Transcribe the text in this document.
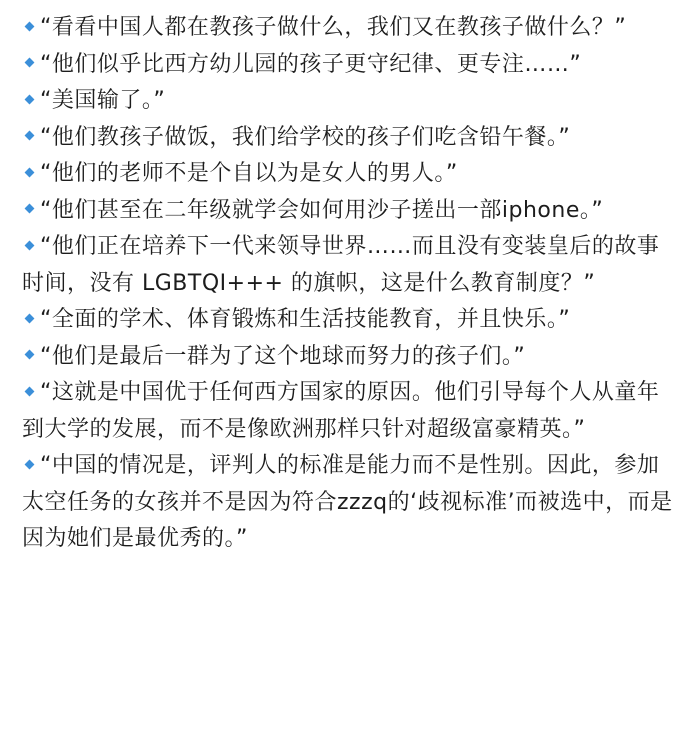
“看看中国人都在教孩子做什么，我们又在教孩子做什么？”
“他们似乎比西方幼儿园的孩子更守纪律、更专注……”
“美国输了。”
“他们教孩子做饭，我们给学校的孩子们吃含铅午餐。”
“他们的老师不是个自以为是女人的男人。”
“他们甚至在二年级就学会如何用沙子搓出一部iphone。”
“他们正在培养下一代来领导世界……而且没有变装皇后的故事时间，没有 LGBTQI+++ 的旗帜，这是什么教育制度？”
“全面的学术、体育锻炼和生活技能教育，并且快乐。”
“他们是最后一群为了这个地球而努力的孩子们。”
“这就是中国优于任何西方国家的原因。他们引导每个人从童年到大学的发展，而不是像欧洲那样只针对超级富豪精英。”
“中国的情况是，评判人的标准是能力而不是性别。因此，参加太空任务的女孩并不是因为符合zzzq的‘歧视标准’而被选中，而是因为她们是最优秀的。”
